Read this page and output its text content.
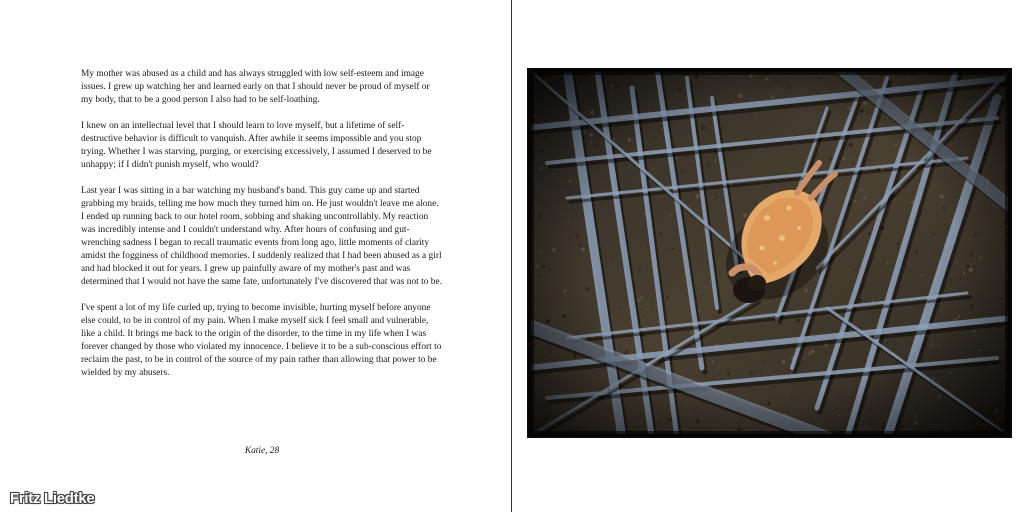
My mother was abused as a child and has always struggled with low self-esteem and image issues. I grew up watching her and learned early on that I should never be proud of myself or my body, that to be a good person I also had to be self-loathing.

I knew on an intellectual level that I should learn to love myself, but a lifetime of self-destructive behavior is difficult to vanquish. After awhile it seems impossible and you stop trying. Whether I was starving, purging, or exercising excessively, I assumed I deserved to be unhappy; if I didn't punish myself, who would?

Last year I was sitting in a bar watching my husband's band. This guy came up and started grabbing my braids, telling me how much they turned him on. He just wouldn't leave me alone. I ended up running back to our hotel room, sobbing and shaking uncontrollably. My reaction was incredibly intense and I couldn't understand why. After hours of confusing and gut-wrenching sadness I began to recall traumatic events from long ago, little moments of clarity amidst the fogginess of childhood memories. I suddenly realized that I had been abused as a girl and had blocked it out for years. I grew up painfully aware of my mother's past and was determined that I would not have the same fate, unfortunately I've discovered that was not to be.

I've spent a lot of my life curled up, trying to become invisible, hurting myself before anyone else could, to be in control of my pain. When I make myself sick I feel small and vulnerable, like a child. It brings me back to the origin of the disorder, to the time in my life when I was forever changed by those who violated my innocence. I believe it to be a sub-conscious effort to reclaim the past, to be in control of the source of my pain rather than allowing that power to be wielded by my abusers.

Katie, 28
Fritz Liedtke
